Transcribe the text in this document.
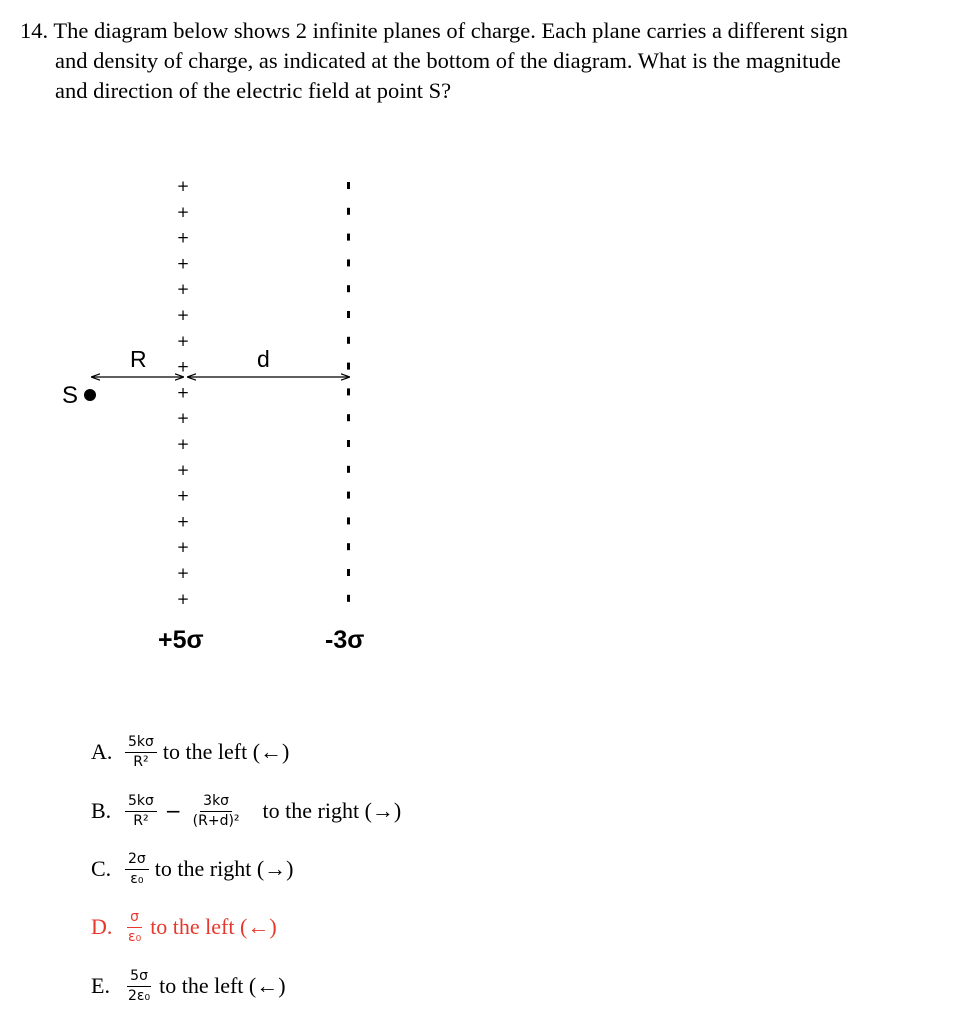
14. The diagram below shows 2 infinite planes of charge. Each plane carries a different sign
and density of charge, as indicated at the bottom of the diagram. What is the magnitude
and direction of the electric field at point S?
+
+
+
+
+
+
+
+
+
+
+
+
+
+
+
+
+
S
R	d
+5σ	-3σ
A. $\frac{5k\sigma}{\text{R²}}$ to the left (←)
B. $\frac{5k\sigma}{\text{R²}} - \frac{3k\sigma}{\text{(R+d)²}}$ to the right (→)
C. $\frac{2\sigma}{\text{ε₀}}$ to the right (→)
D. $\frac{\sigma}{\text{ε₀}}$ to the left (←)
E.	$\frac{5\sigma}{\text{2ε₀}}$ to the left (←)
